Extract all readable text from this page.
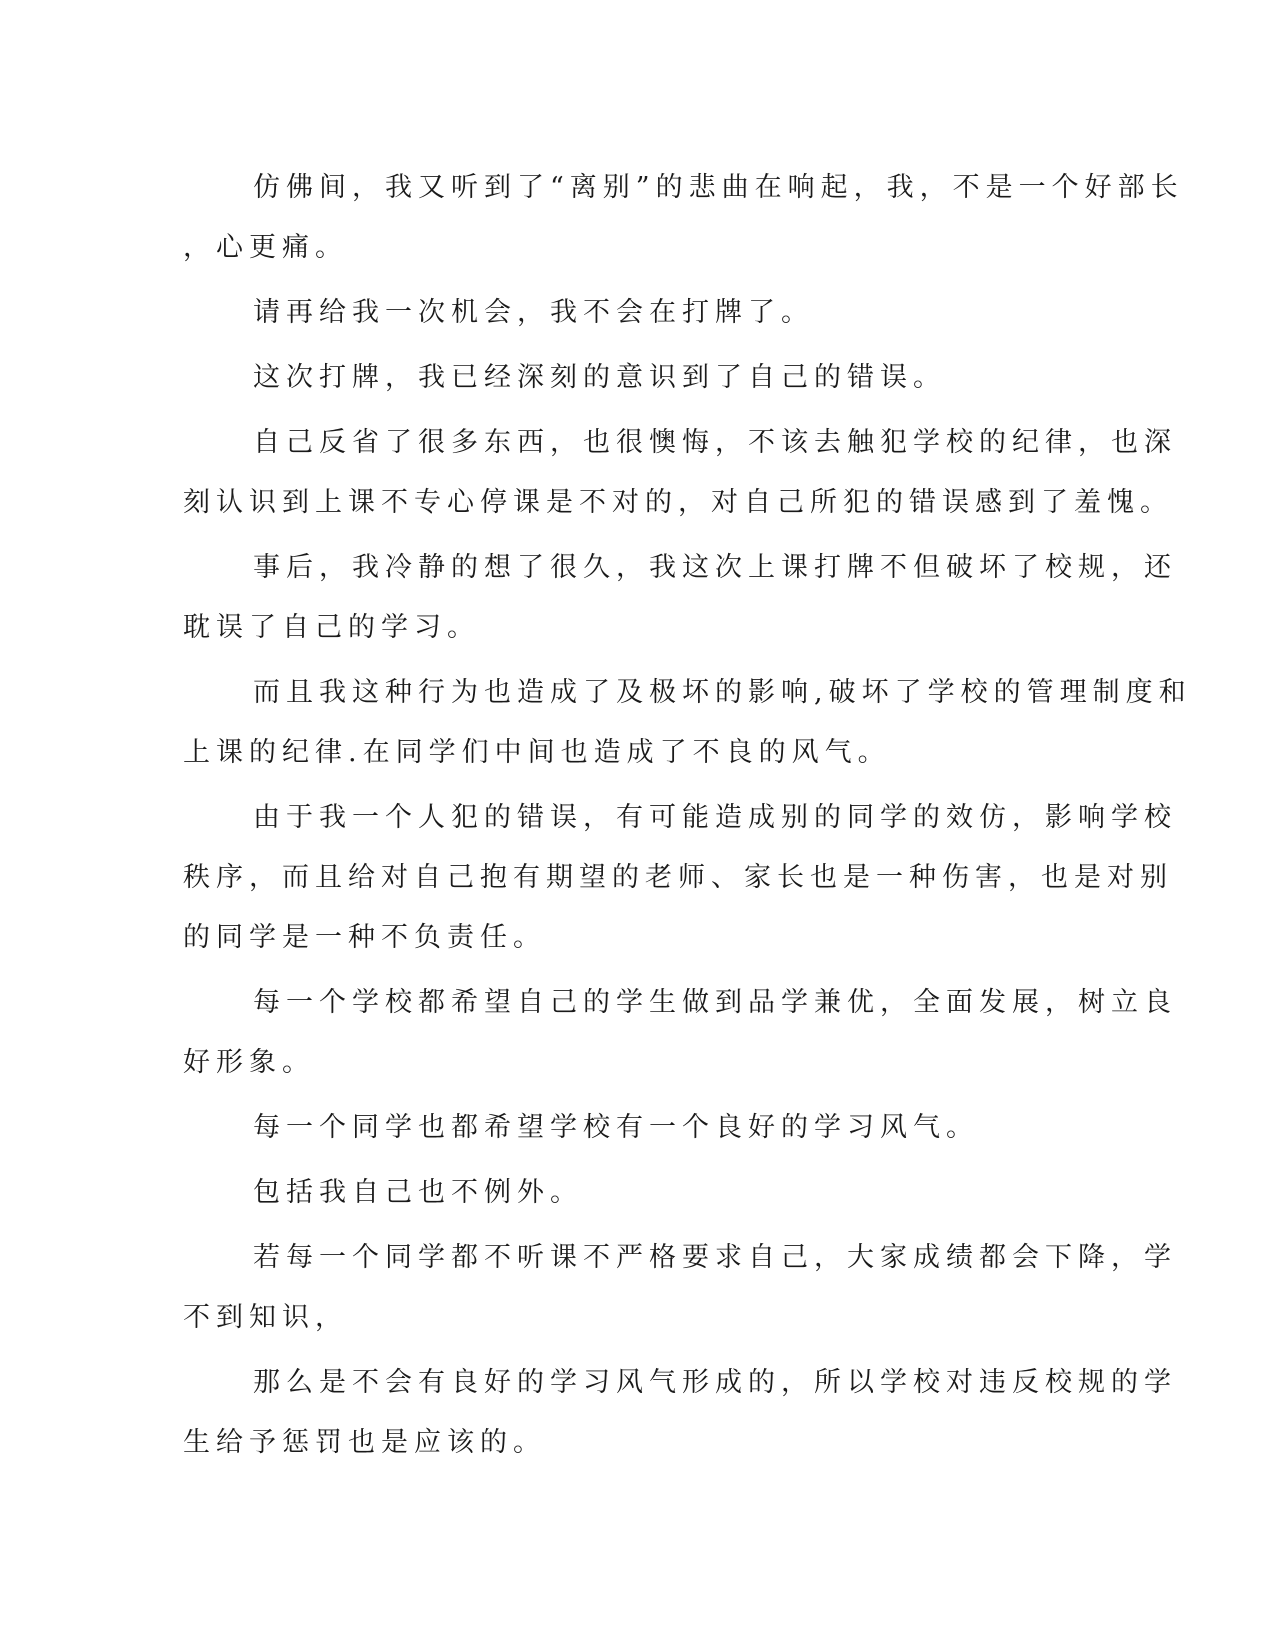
仿佛间，我又听到了“离别”的悲曲在响起，我，不是一个好部长
，心更痛。

请再给我一次机会，我不会在打牌了。

这次打牌，我已经深刻的意识到了自己的错误。

自己反省了很多东西，也很懊悔，不该去触犯学校的纪律，也深
刻认识到上课不专心停课是不对的，对自己所犯的错误感到了羞愧。

事后，我冷静的想了很久，我这次上课打牌不但破坏了校规，还
耽误了自己的学习。

而且我这种行为也造成了及极坏的影响,破坏了学校的管理制度和
上课的纪律.在同学们中间也造成了不良的风气。

由于我一个人犯的错误，有可能造成别的同学的效仿，影响学校
秩序，而且给对自己抱有期望的老师、家长也是一种伤害，也是对别
的同学是一种不负责任。

每一个学校都希望自己的学生做到品学兼优，全面发展，树立良
好形象。

每一个同学也都希望学校有一个良好的学习风气。

包括我自己也不例外。

若每一个同学都不听课不严格要求自己，大家成绩都会下降，学
不到知识，

那么是不会有良好的学习风气形成的，所以学校对违反校规的学
生给予惩罚也是应该的。
